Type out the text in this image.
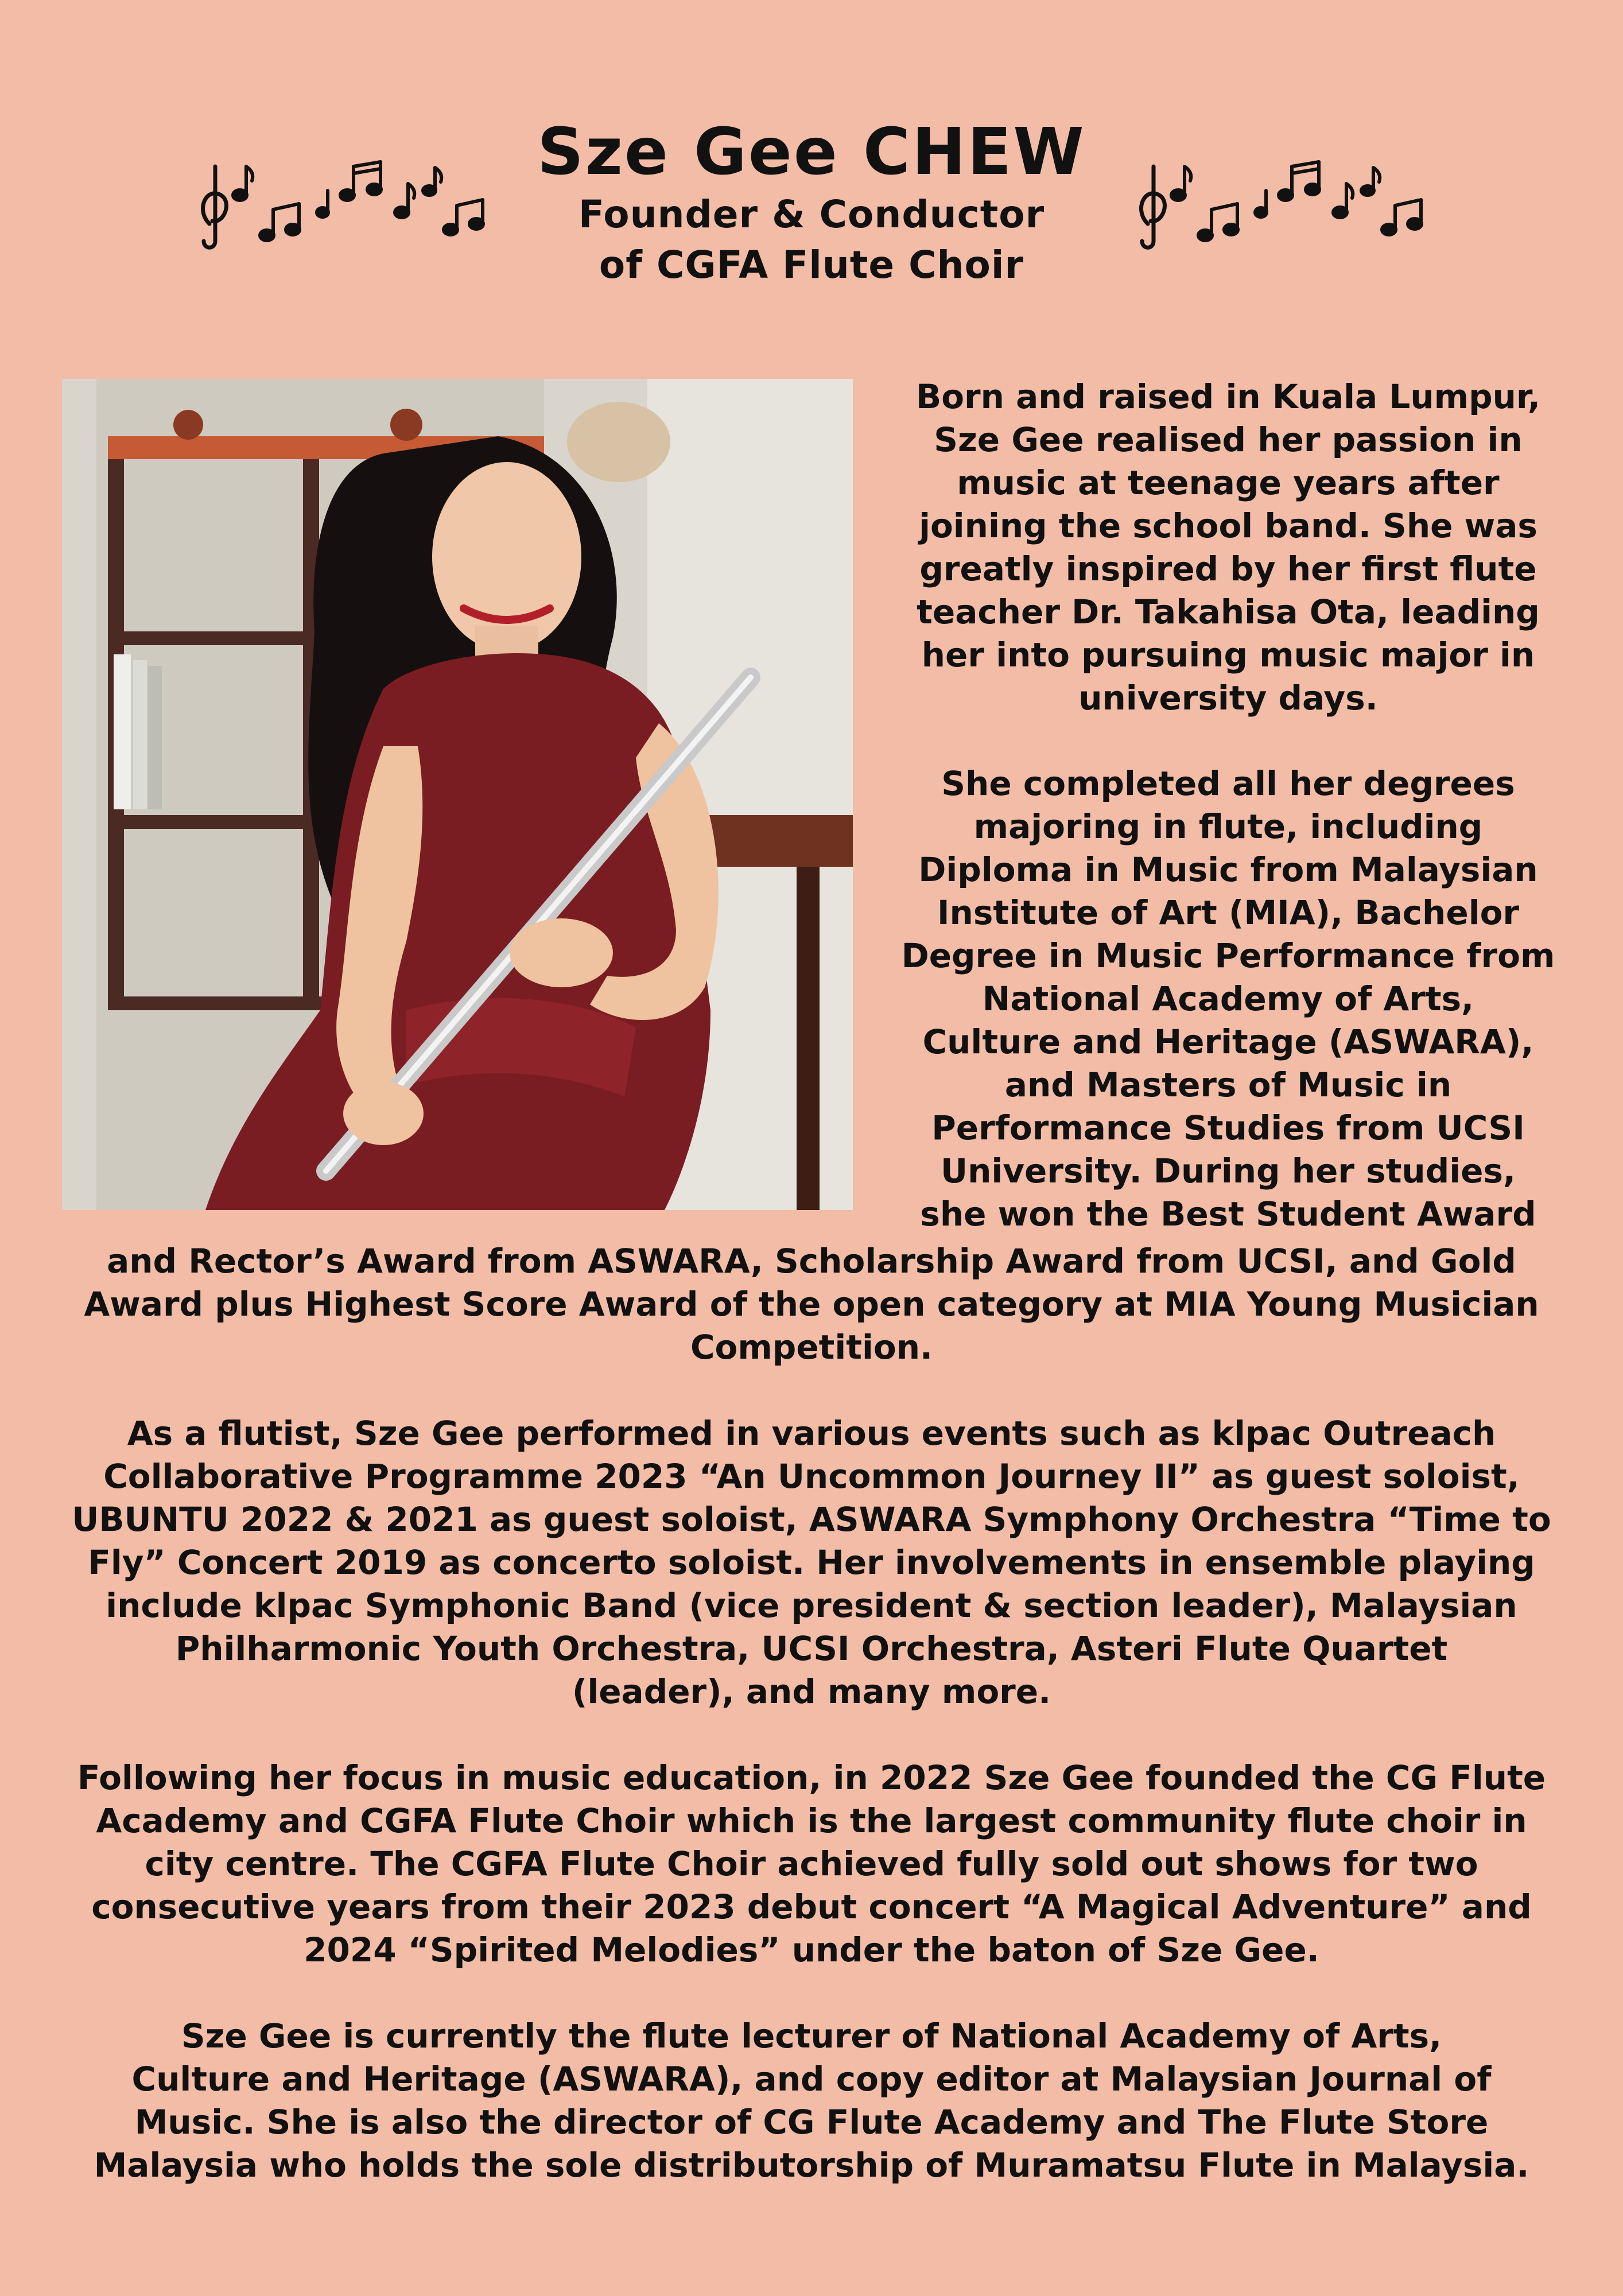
Sze Gee CHEW
Founder & Conductor
of CGFA Flute Choir
Born and raised in Kuala Lumpur,
Sze Gee realised her passion in
music at teenage years after
joining the school band. She was
greatly inspired by her first flute
teacher Dr. Takahisa Ota, leading
her into pursuing music major in
university days.
She completed all her degrees
majoring in flute, including
Diploma in Music from Malaysian
Institute of Art (MIA), Bachelor
Degree in Music Performance from
National Academy of Arts,
Culture and Heritage (ASWARA),
and Masters of Music in
Performance Studies from UCSI
University. During her studies,
she won the Best Student Award
and Rector’s Award from ASWARA, Scholarship Award from UCSI, and Gold
Award plus Highest Score Award of the open category at MIA Young Musician
Competition.
As a flutist, Sze Gee performed in various events such as klpac Outreach
Collaborative Programme 2023 “An Uncommon Journey II” as guest soloist,
UBUNTU 2022 & 2021 as guest soloist, ASWARA Symphony Orchestra “Time to
Fly” Concert 2019 as concerto soloist. Her involvements in ensemble playing
include klpac Symphonic Band (vice president & section leader), Malaysian
Philharmonic Youth Orchestra, UCSI Orchestra, Asteri Flute Quartet
(leader), and many more.
Following her focus in music education, in 2022 Sze Gee founded the CG Flute
Academy and CGFA Flute Choir which is the largest community flute choir in
city centre. The CGFA Flute Choir achieved fully sold out shows for two
consecutive years from their 2023 debut concert “A Magical Adventure” and
2024 “Spirited Melodies” under the baton of Sze Gee.
Sze Gee is currently the flute lecturer of National Academy of Arts,
Culture and Heritage (ASWARA), and copy editor at Malaysian Journal of
Music. She is also the director of CG Flute Academy and The Flute Store
Malaysia who holds the sole distributorship of Muramatsu Flute in Malaysia.
